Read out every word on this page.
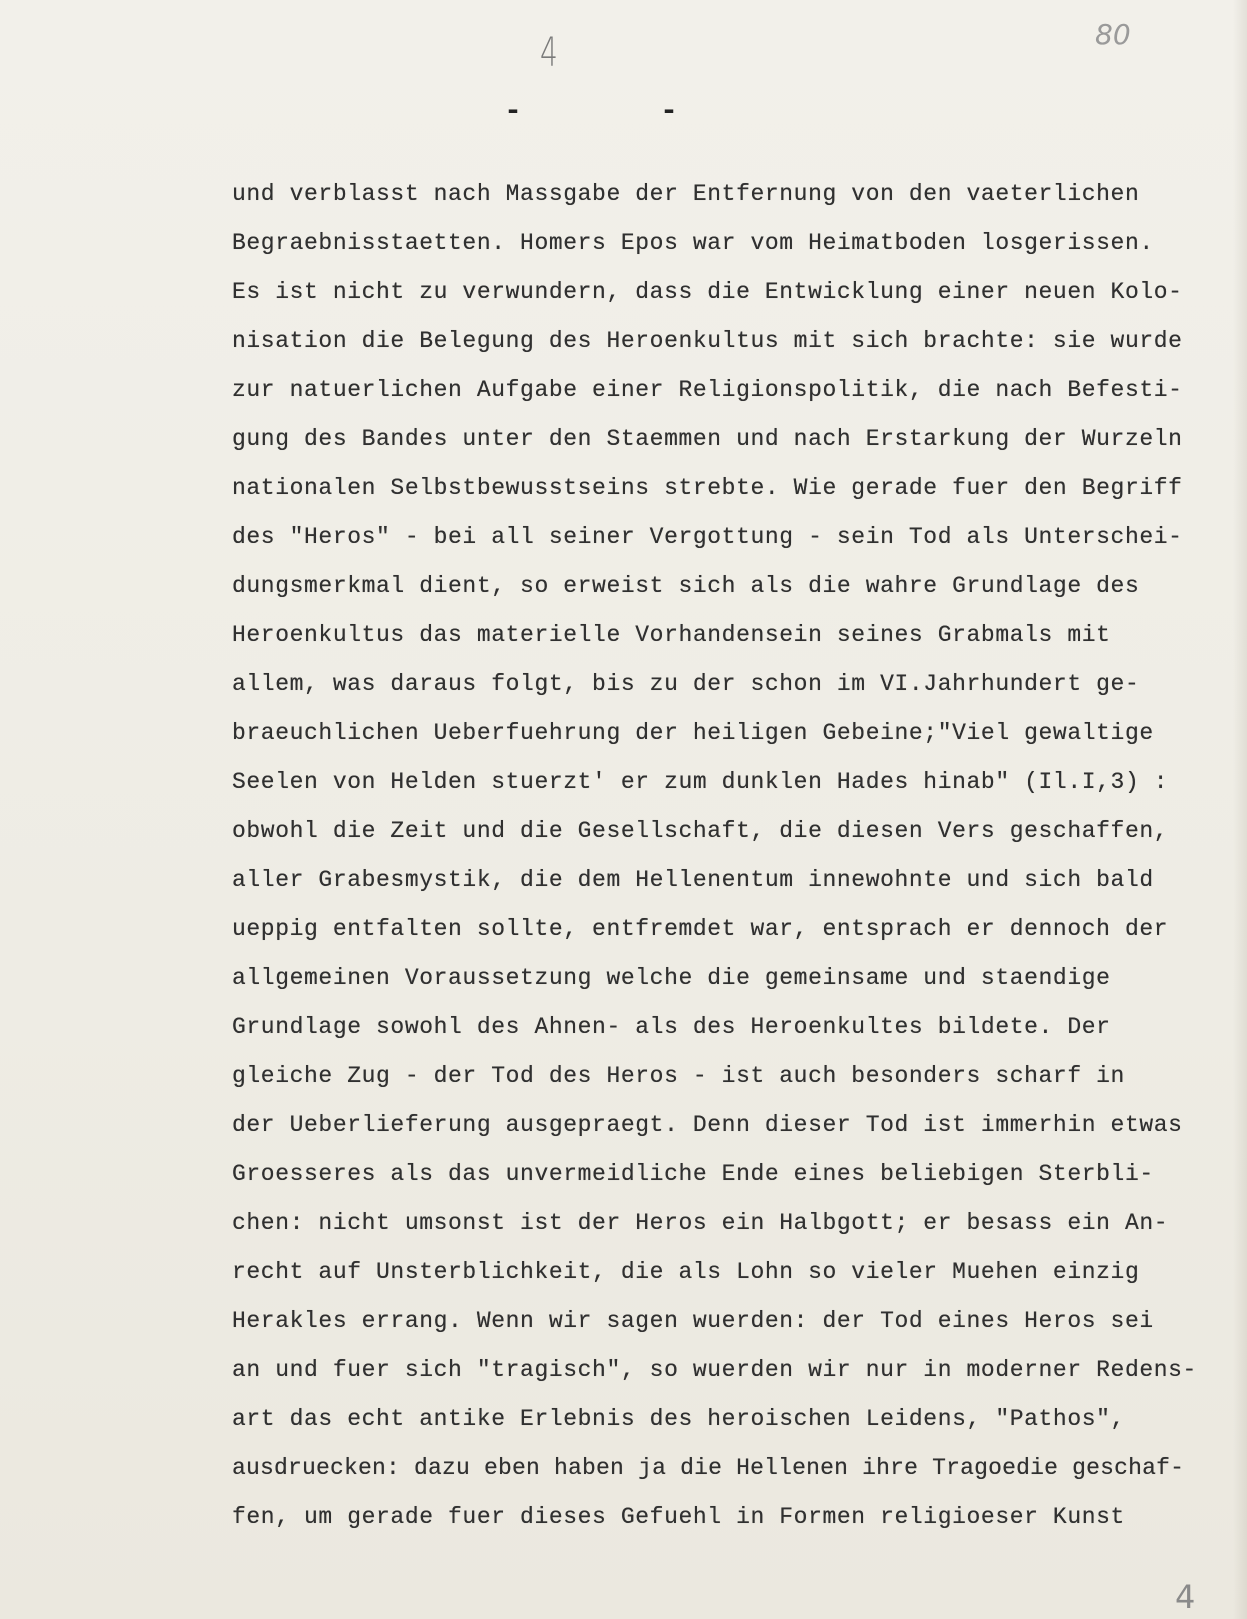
4	80
- -
und verblasst nach Massgabe der Entfernung von den vaeterlichen
Begraebnisstaetten. Homers Epos war vom Heimatboden losgerissen.
Es ist nicht zu verwundern, dass die Entwicklung einer neuen Kolo-
nisation die Belegung des Heroenkultus mit sich brachte: sie wurde
zur natuerlichen Aufgabe einer Religionspolitik, die nach Befesti-
gung des Bandes unter den Staemmen und nach Erstarkung der Wurzeln
nationalen Selbstbewusstseins strebte. Wie gerade fuer den Begriff
des "Heros" - bei all seiner Vergottung - sein Tod als Unterschei-
dungsmerkmal dient, so erweist sich als die wahre Grundlage des
Heroenkultus das materielle Vorhandensein seines Grabmals mit
allem, was daraus folgt, bis zu der schon im VI.Jahrhundert ge-
braeuchlichen Ueberfuehrung der heiligen Gebeine;"Viel gewaltige
Seelen von Helden stuerzt' er zum dunklen Hades hinab" (Il.I,3) :
obwohl die Zeit und die Gesellschaft, die diesen Vers geschaffen,
aller Grabesmystik, die dem Hellenentum innewohnte und sich bald
ueppig entfalten sollte, entfremdet war, entsprach er dennoch der
allgemeinen Voraussetzung welche die gemeinsame und staendige
Grundlage sowohl des Ahnen- als des Heroenkultes bildete. Der
gleiche Zug - der Tod des Heros - ist auch besonders scharf in
der Ueberlieferung ausgepraegt. Denn dieser Tod ist immerhin etwas
Groesseres als das unvermeidliche Ende eines beliebigen Sterbli-
chen: nicht umsonst ist der Heros ein Halbgott; er besass ein An-
recht auf Unsterblichkeit, die als Lohn so vieler Muehen einzig
Herakles errang. Wenn wir sagen wuerden: der Tod eines Heros sei
an und fuer sich "tragisch", so wuerden wir nur in moderner Redens-
art das echt antike Erlebnis des heroischen Leidens, "Pathos",
ausdruecken: dazu eben haben ja die Hellenen ihre Tragoedie geschaf-
fen, um gerade fuer dieses Gefuehl in Formen religioeser Kunst
4
